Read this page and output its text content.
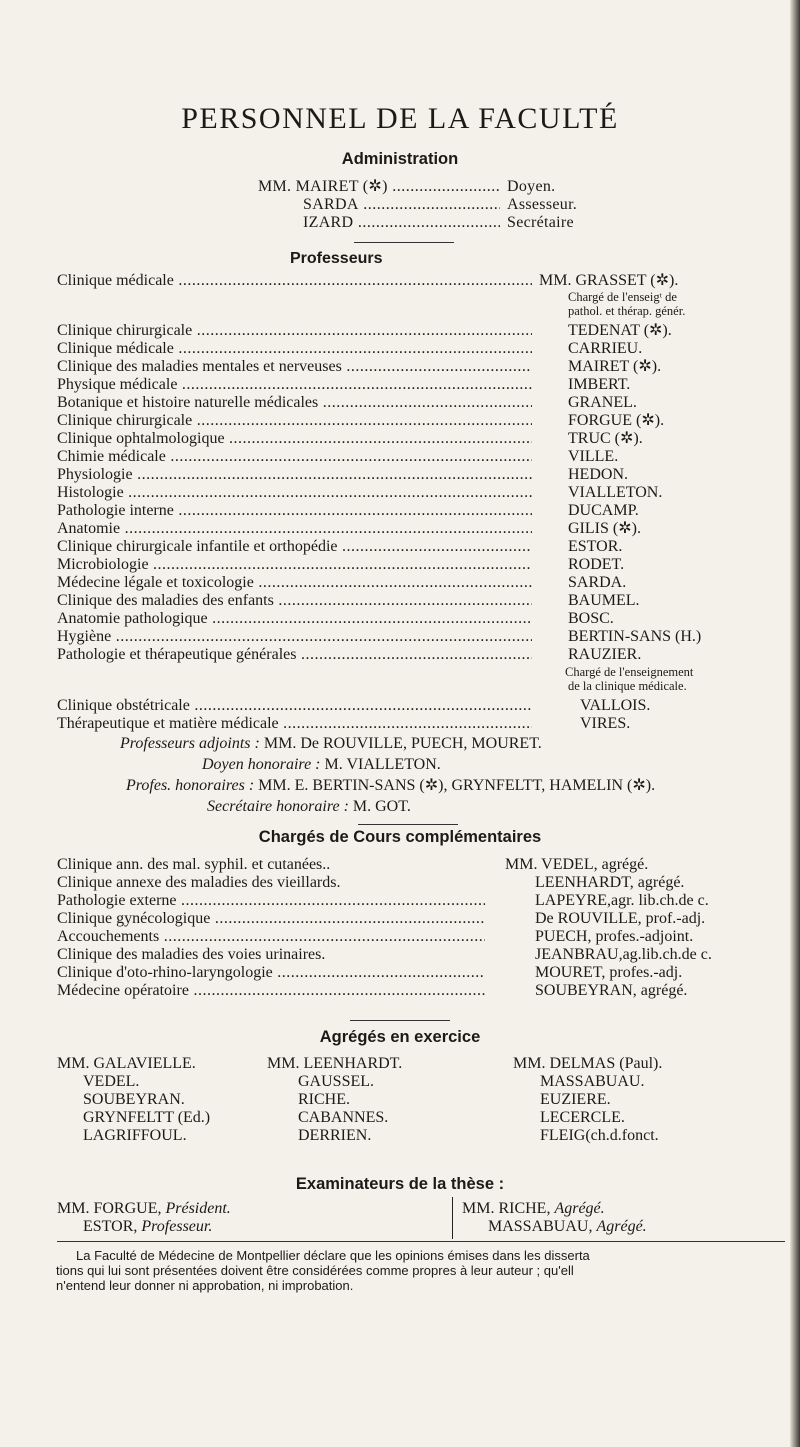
PERSONNEL DE LA FACULTÉ
Administration
MM. MAIRET (✲) .....	Doyen.
SARDA .....	Assesseur.
IZARD .....	Secrétaire
Professeurs
Clinique médicale .....	MM. GRASSET (✲).
Chargé de l'enseigᵗ de
pathol. et thérap. génér.
Clinique chirurgicale .....	TEDENAT (✲).
Clinique médicale .....	CARRIEU.
Clinique des maladies mentales et nerveuses .....	MAIRET (✲).
Physique médicale .....	IMBERT.
Botanique et histoire naturelle médicales .....	GRANEL.
Clinique chirurgicale .....	FORGUE (✲).
Clinique ophtalmologique .....	TRUC (✲).
Chimie médicale .....	VILLE.
Physiologie .....	HEDON.
Histologie .....	VIALLETON.
Pathologie interne .....	DUCAMP.
Anatomie .....	GILIS (✲).
Clinique chirurgicale infantile et orthopédie .....	ESTOR.
Microbiologie .....	RODET.
Médecine légale et toxicologie .....	SARDA.
Clinique des maladies des enfants .....	BAUMEL.
Anatomie pathologique .....	BOSC.
Hygiène .....	BERTIN-SANS (H.)
Pathologie et thérapeutique générales .....	RAUZIER.
Chargé de l'enseignement
de la clinique médicale.
Clinique obstétricale .....	VALLOIS.
Thérapeutique et matière médicale .....	VIRES.
Professeurs adjoints : MM. De ROUVILLE, PUECH, MOURET.
Doyen honoraire : M. VIALLETON.
Profes. honoraires : MM. E. BERTIN-SANS (✲), GRYNFELTT, HAMELIN (✲).
Secrétaire honoraire : M. GOT.
Chargés de Cours complémentaires
Clinique ann. des mal. syphil. et cutanées..	MM. VEDEL, agrégé.
Clinique annexe des maladies des vieillards.	LEENHARDT, agrégé.
Pathologie externe .....	LAPEYRE,agr. lib.ch.de c.
Clinique gynécologique .....	De ROUVILLE, prof.-adj.
Accouchements .....	PUECH, profes.-adjoint.
Clinique des maladies des voies urinaires.	JEANBRAU,ag.lib.ch.de c.
Clinique d'oto-rhino-laryngologie .....	MOURET, profes.-adj.
Médecine opératoire .....	SOUBEYRAN, agrégé.
Agrégés en exercice
MM. GALAVIELLE.
VEDEL.
SOUBEYRAN.
GRYNFELTT (Ed.)
LAGRIFFOUL.
MM. LEENHARDT.
GAUSSEL.
RICHE.
CABANNES.
DERRIEN.
MM. DELMAS (Paul).
MASSABUAU.
EUZIERE.
LECERCLE.
FLEIG(ch.d.fonct.
Examinateurs de la thèse :
MM. FORGUE, Président.
ESTOR, Professeur.
MM. RICHE, Agrégé.
MASSABUAU, Agrégé.
La Faculté de Médecine de Montpellier déclare que les opinions émises dans les disserta
tions qui lui sont présentées doivent être considérées comme propres à leur auteur ; qu'ell
n'entend leur donner ni approbation, ni improbation.
